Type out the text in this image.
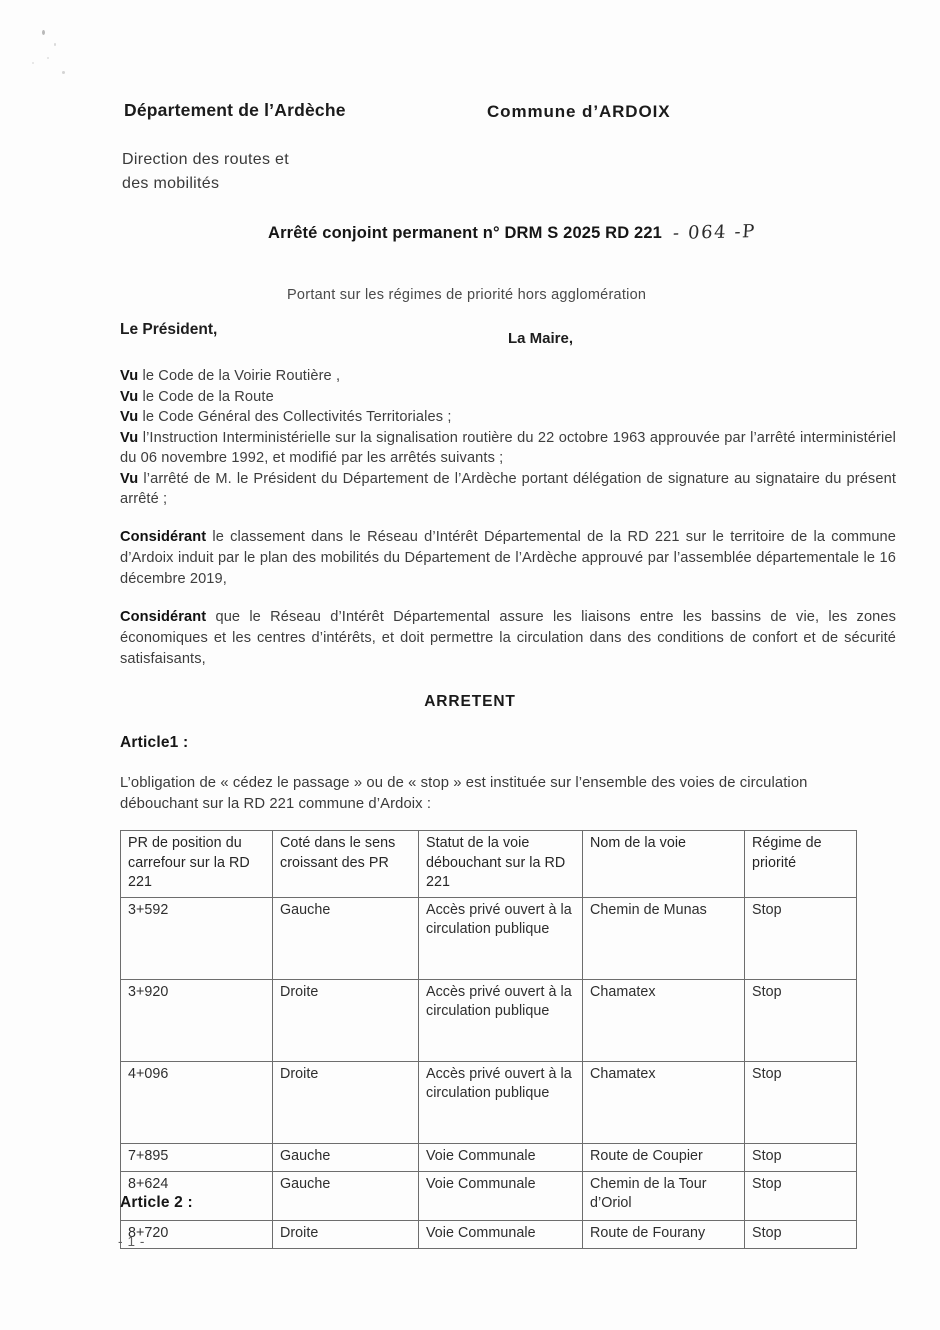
Département de l’Ardèche	Commune d’ARDOIX
Direction des routes et
des mobilités
Arrêté conjoint permanent n° DRM S 2025 RD 221 - 064 -P
Portant sur les régimes de priorité hors agglomération
Le Président,
La Maire,

Vu le Code de la Voirie Routière ,

Vu le Code de la Route

Vu le Code Général des Collectivités Territoriales ;

Vu l’Instruction Interministérielle sur la signalisation routière du 22 octobre 1963 approuvée par l’arrêté interministériel du 06 novembre 1992, et modifié par les arrêtés suivants ;

Vu l’arrêté de M. le Président du Département de l’Ardèche portant délégation de signature au signataire du présent arrêté ;

Considérant le classement dans le Réseau d’Intérêt Départemental de la RD 221 sur le territoire de la commune d’Ardoix induit par le plan des mobilités du Département de l’Ardèche approuvé par l’assemblée départementale le 16 décembre 2019,
Considérant que le Réseau d’Intérêt Départemental assure les liaisons entre les bassins de vie, les zones économiques et les centres d’intérêts, et doit permettre la circulation dans des conditions de confort et de sécurité satisfaisants,
ARRETENT
Article1 :
L’obligation de « cédez le passage » ou de « stop » est instituée sur l’ensemble des voies de circulation débouchant sur la RD 221 commune d’Ardoix :
PR de position du carrefour sur la RD 221	Coté dans le sens croissant des PR	Statut de la voie débouchant sur la RD 221	Nom de la voie	Régime de priorité
3+592	Gauche	Accès privé ouvert à la circulation publique	Chemin de Munas	Stop
3+920	Droite	Accès privé ouvert à la circulation publique	Chamatex	Stop
4+096	Droite	Accès privé ouvert à la circulation publique	Chamatex	Stop
7+895	Gauche	Voie Communale	Route de Coupier	Stop
8+624	Gauche	Voie Communale	Chemin de la Tour d’Oriol	Stop
8+720	Droite	Voie Communale	Route de Fourany	Stop
Article 2 :
- 1 -
